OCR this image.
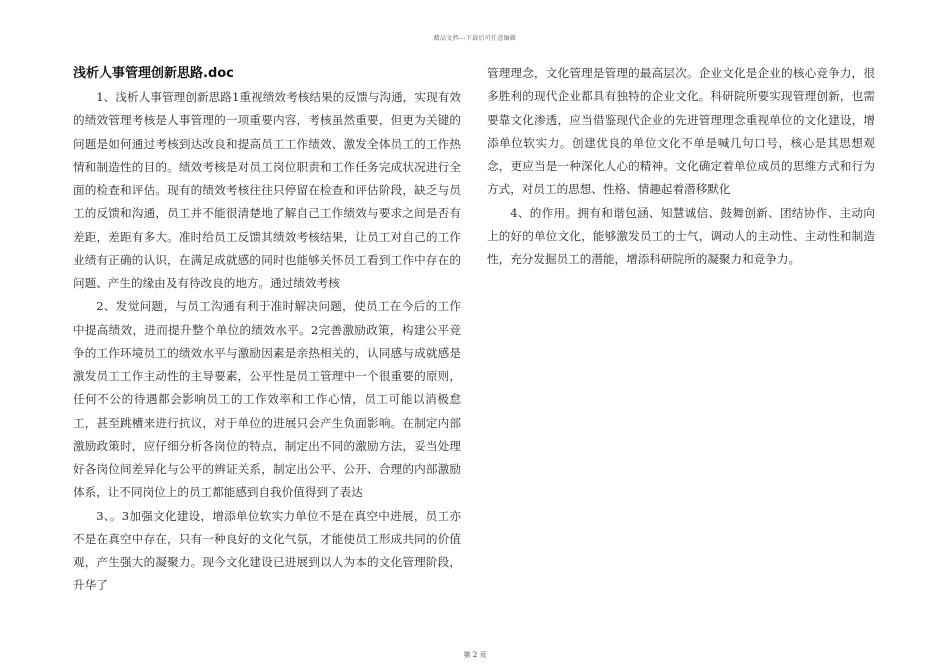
精品文档---下载后可任意编辑
浅析人事管理创新思路.doc

1、浅析人事管理创新思路1重视绩效考核结果的反馈与沟通，实现有效的绩效管理考核是人事管理的一项重要内容，考核虽然重要，但更为关键的问题是如何通过考核到达改良和提高员工工作绩效、激发全体员工的工作热情和制造性的目的。绩效考核是对员工岗位职责和工作任务完成状况进行全面的检查和评估。现有的绩效考核往往只停留在检查和评估阶段，缺乏与员工的反馈和沟通，员工并不能很清楚地了解自己工作绩效与要求之间是否有差距，差距有多大。准时给员工反馈其绩效考核结果，让员工对自己的工作业绩有正确的认识，在满足成就感的同时也能够关怀员工看到工作中存在的问题、产生的缘由及有待改良的地方。通过绩效考核

2、发觉问题，与员工沟通有利于准时解决问题，使员工在今后的工作中提高绩效，进而提升整个单位的绩效水平。2完善激励政策，构建公平竞争的工作环境员工的绩效水平与激励因素是亲热相关的，认同感与成就感是激发员工工作主动性的主导要素，公平性是员工管理中一个很重要的原则，任何不公的待遇都会影响员工的工作效率和工作心情，员工可能以消极怠工，甚至跳槽来进行抗议，对于单位的进展只会产生负面影响。在制定内部激励政策时，应仔细分析各岗位的特点，制定出不同的激励方法，妥当处理好各岗位间差异化与公平的辨证关系，制定出公平、公开、合理的内部激励体系，让不同岗位上的员工都能感到自我价值得到了表达

3、。3加强文化建设，增添单位软实力单位不是在真空中进展，员工亦不是在真空中存在，只有一种良好的文化气氛，才能使员工形成共同的价值观，产生强大的凝聚力。现今文化建设已进展到以人为本的文化管理阶段，升华了

管理理念，文化管理是管理的最高层次。企业文化是企业的核心竞争力，很多胜利的现代企业都具有独特的企业文化。科研院所要实现管理创新，也需要靠文化渗透，应当借鉴现代企业的先进管理理念重视单位的文化建设，增添单位软实力。创建优良的单位文化不单是喊几句口号，核心是其思想观念，更应当是一种深化人心的精神。文化确定着单位成员的思维方式和行为方式，对员工的思想、性格、情趣起着潜移默化

4、的作用。拥有和谐包涵、知慧诚信、鼓舞创新、团结协作、主动向上的好的单位文化，能够激发员工的士气，调动人的主动性、主动性和制造性，充分发掘员工的潜能，增添科研院所的凝聚力和竞争力。

第 2 页
